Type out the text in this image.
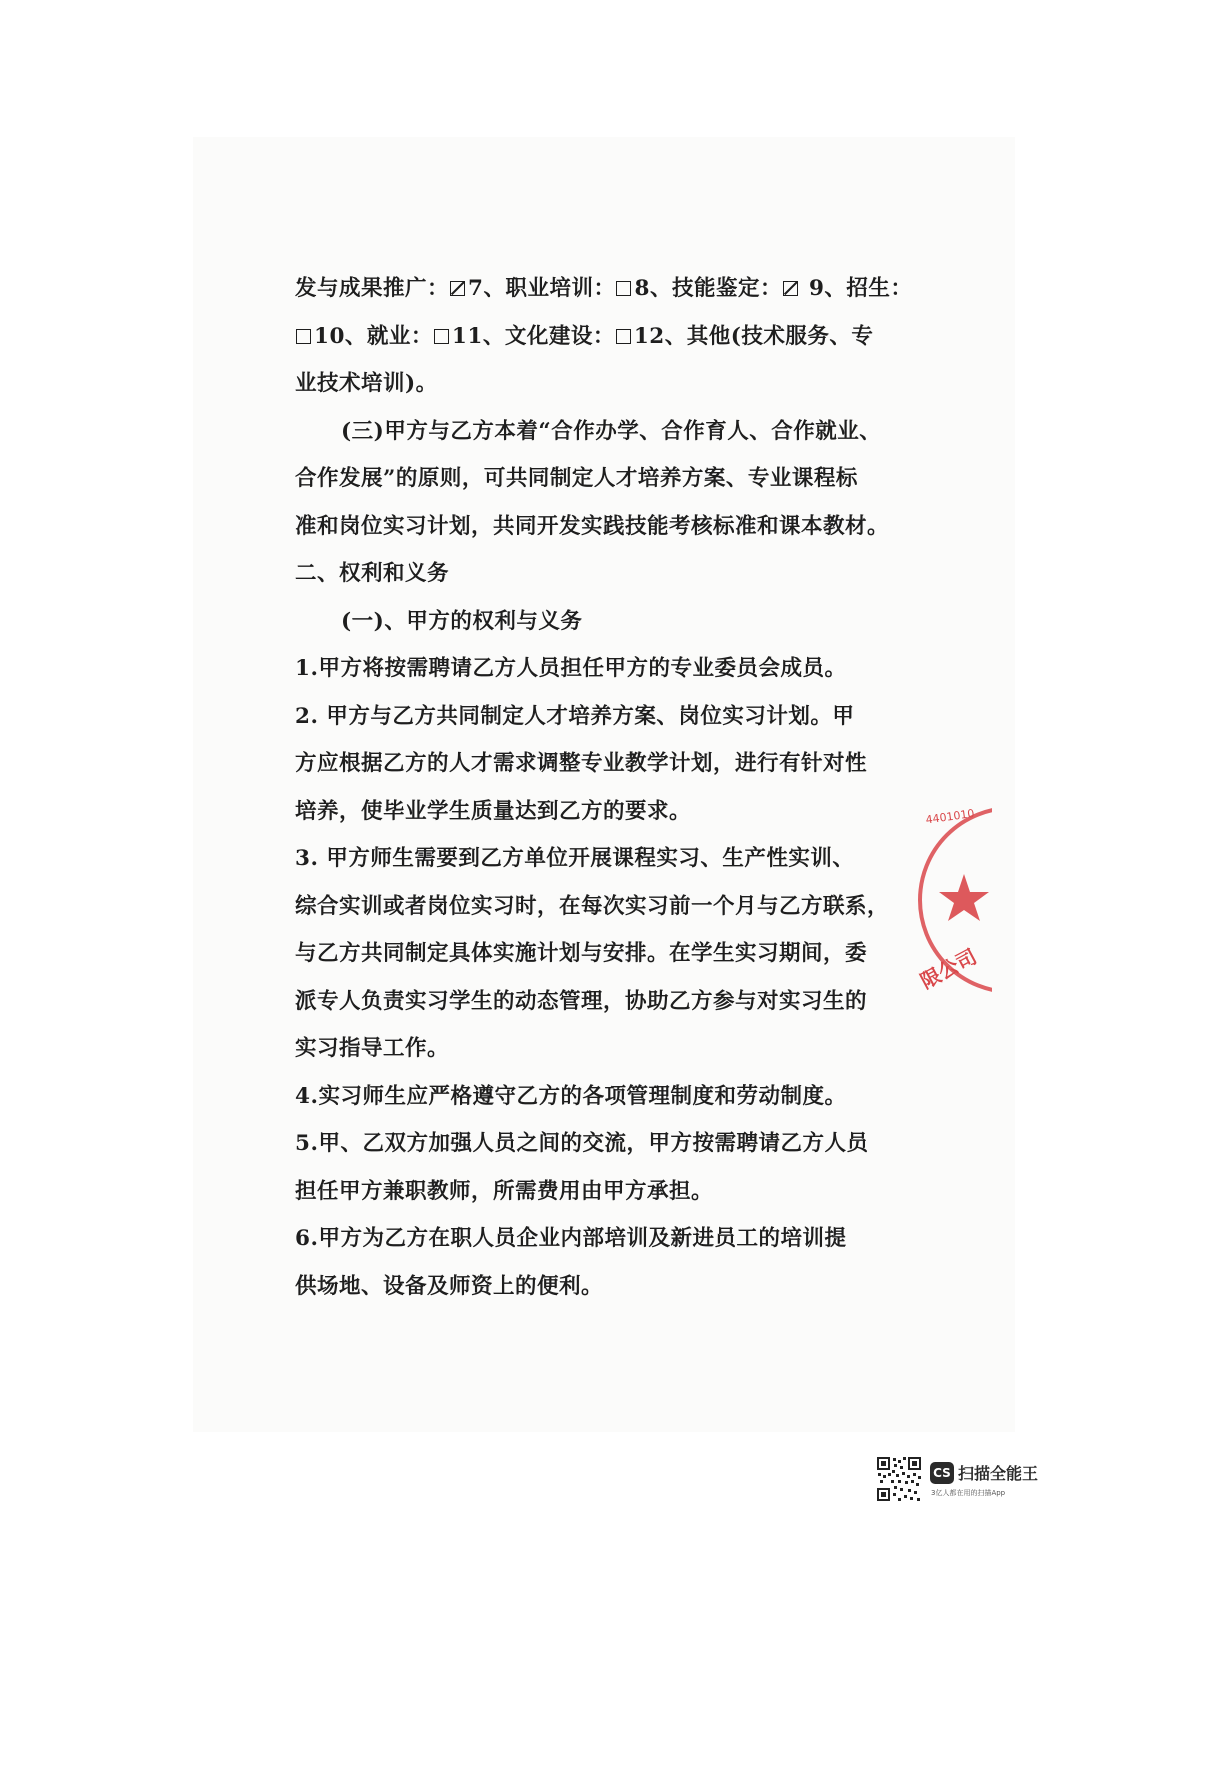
发与成果推广： 7、职业培训： 8、技能鉴定： 9、招生：

10、就业： 11、文化建设： 12、其他(技术服务、专

业技术培训)。

(三)甲方与乙方本着“合作办学、合作育人、合作就业、

合作发展”的原则，可共同制定人才培养方案、专业课程标

准和岗位实习计划，共同开发实践技能考核标准和课本教材。

二、权利和义务

(一)、甲方的权利与义务

1.甲方将按需聘请乙方人员担任甲方的专业委员会成员。

2. 甲方与乙方共同制定人才培养方案、岗位实习计划。甲

方应根据乙方的人才需求调整专业教学计划，进行有针对性

培养，使毕业学生质量达到乙方的要求。

3. 甲方师生需要到乙方单位开展课程实习、生产性实训、

综合实训或者岗位实习时，在每次实习前一个月与乙方联系，

与乙方共同制定具体实施计划与安排。在学生实习期间，委

派专人负责实习学生的动态管理，协助乙方参与对实习生的

实习指导工作。

4.实习师生应严格遵守乙方的各项管理制度和劳动制度。

5.甲、乙双方加强人员之间的交流，甲方按需聘请乙方人员

担任甲方兼职教师，所需费用由甲方承担。

6.甲方为乙方在职人员企业内部培训及新进员工的培训提

供场地、设备及师资上的便利。

4401010
限公司
CS 扫描全能王
3亿人都在用的扫描App
